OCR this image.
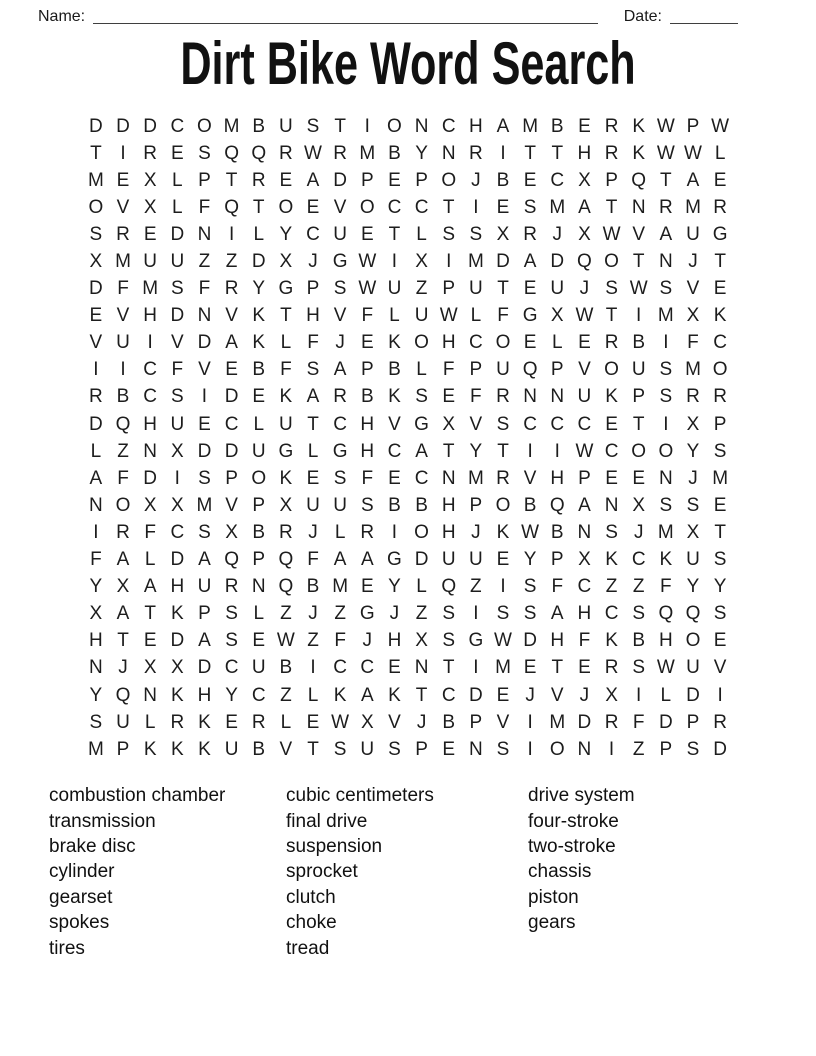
Name:	Date:
Dirt Bike Word Search
D D D C O M B U S T I O N C H A M B E R K W P W
T I R E S Q Q R W R M B Y N R I T T H R K W W L
M E X L P T R E A D P E P O J B E C X P Q T A E
O V X L F Q T O E V O C C T I E S M A T N R M R
S R E D N I	L Y C U E T L S S X R J X W V A U G
X M U U Z Z D X J G W I X I M D A D Q O T N J T
D F M S F R Y G P S W U Z P U T E U J S W S V E
E V H D N V K T H V F L U W L F G X W T I M X K
V U I V D A K L F J E K O H C O E L E R B I F C
I	I C F V E B F S A P B L F P U Q P V O U S M O
R B C S I D E K A R B K S E F R N N U K P S R R
D Q H U E C L U T C H V G X V S C C C E T I X P
L Z N X D D U G L G H C A T Y T I	I W C O O Y S
A F D I S P O K E S F E C N M R V H P E E N J M
N O X X M V P X U U S B B H P O B Q A N X S S E
I R F C S X B R J L R I O H J K W B N S J M X T
F A L D A Q P Q F A A G D U U E Y P X K C K U S
Y X A H U R N Q B M E Y L Q Z I S F C Z Z F Y Y
X A T K P S L Z J Z G J Z S I S S A H C S Q Q S
H T E D A S E W Z F J H X S G W D H F K B H O E
N J X X D C U B I C C E N T I M E T E R S W U V
Y Q N K H Y C Z L K A K T C D E J V J X I	L D I
S U L R K E R L E W X V J B P V I M D R F D P R
M P K K K U B V T S U S P E N S I O N I Z P S D
combustion chamber
transmission
brake disc
cylinder
gearset
spokes
tires
cubic centimeters
final drive
suspension
sprocket
clutch
choke
tread
drive system
four-stroke
two-stroke
chassis
piston
gears
